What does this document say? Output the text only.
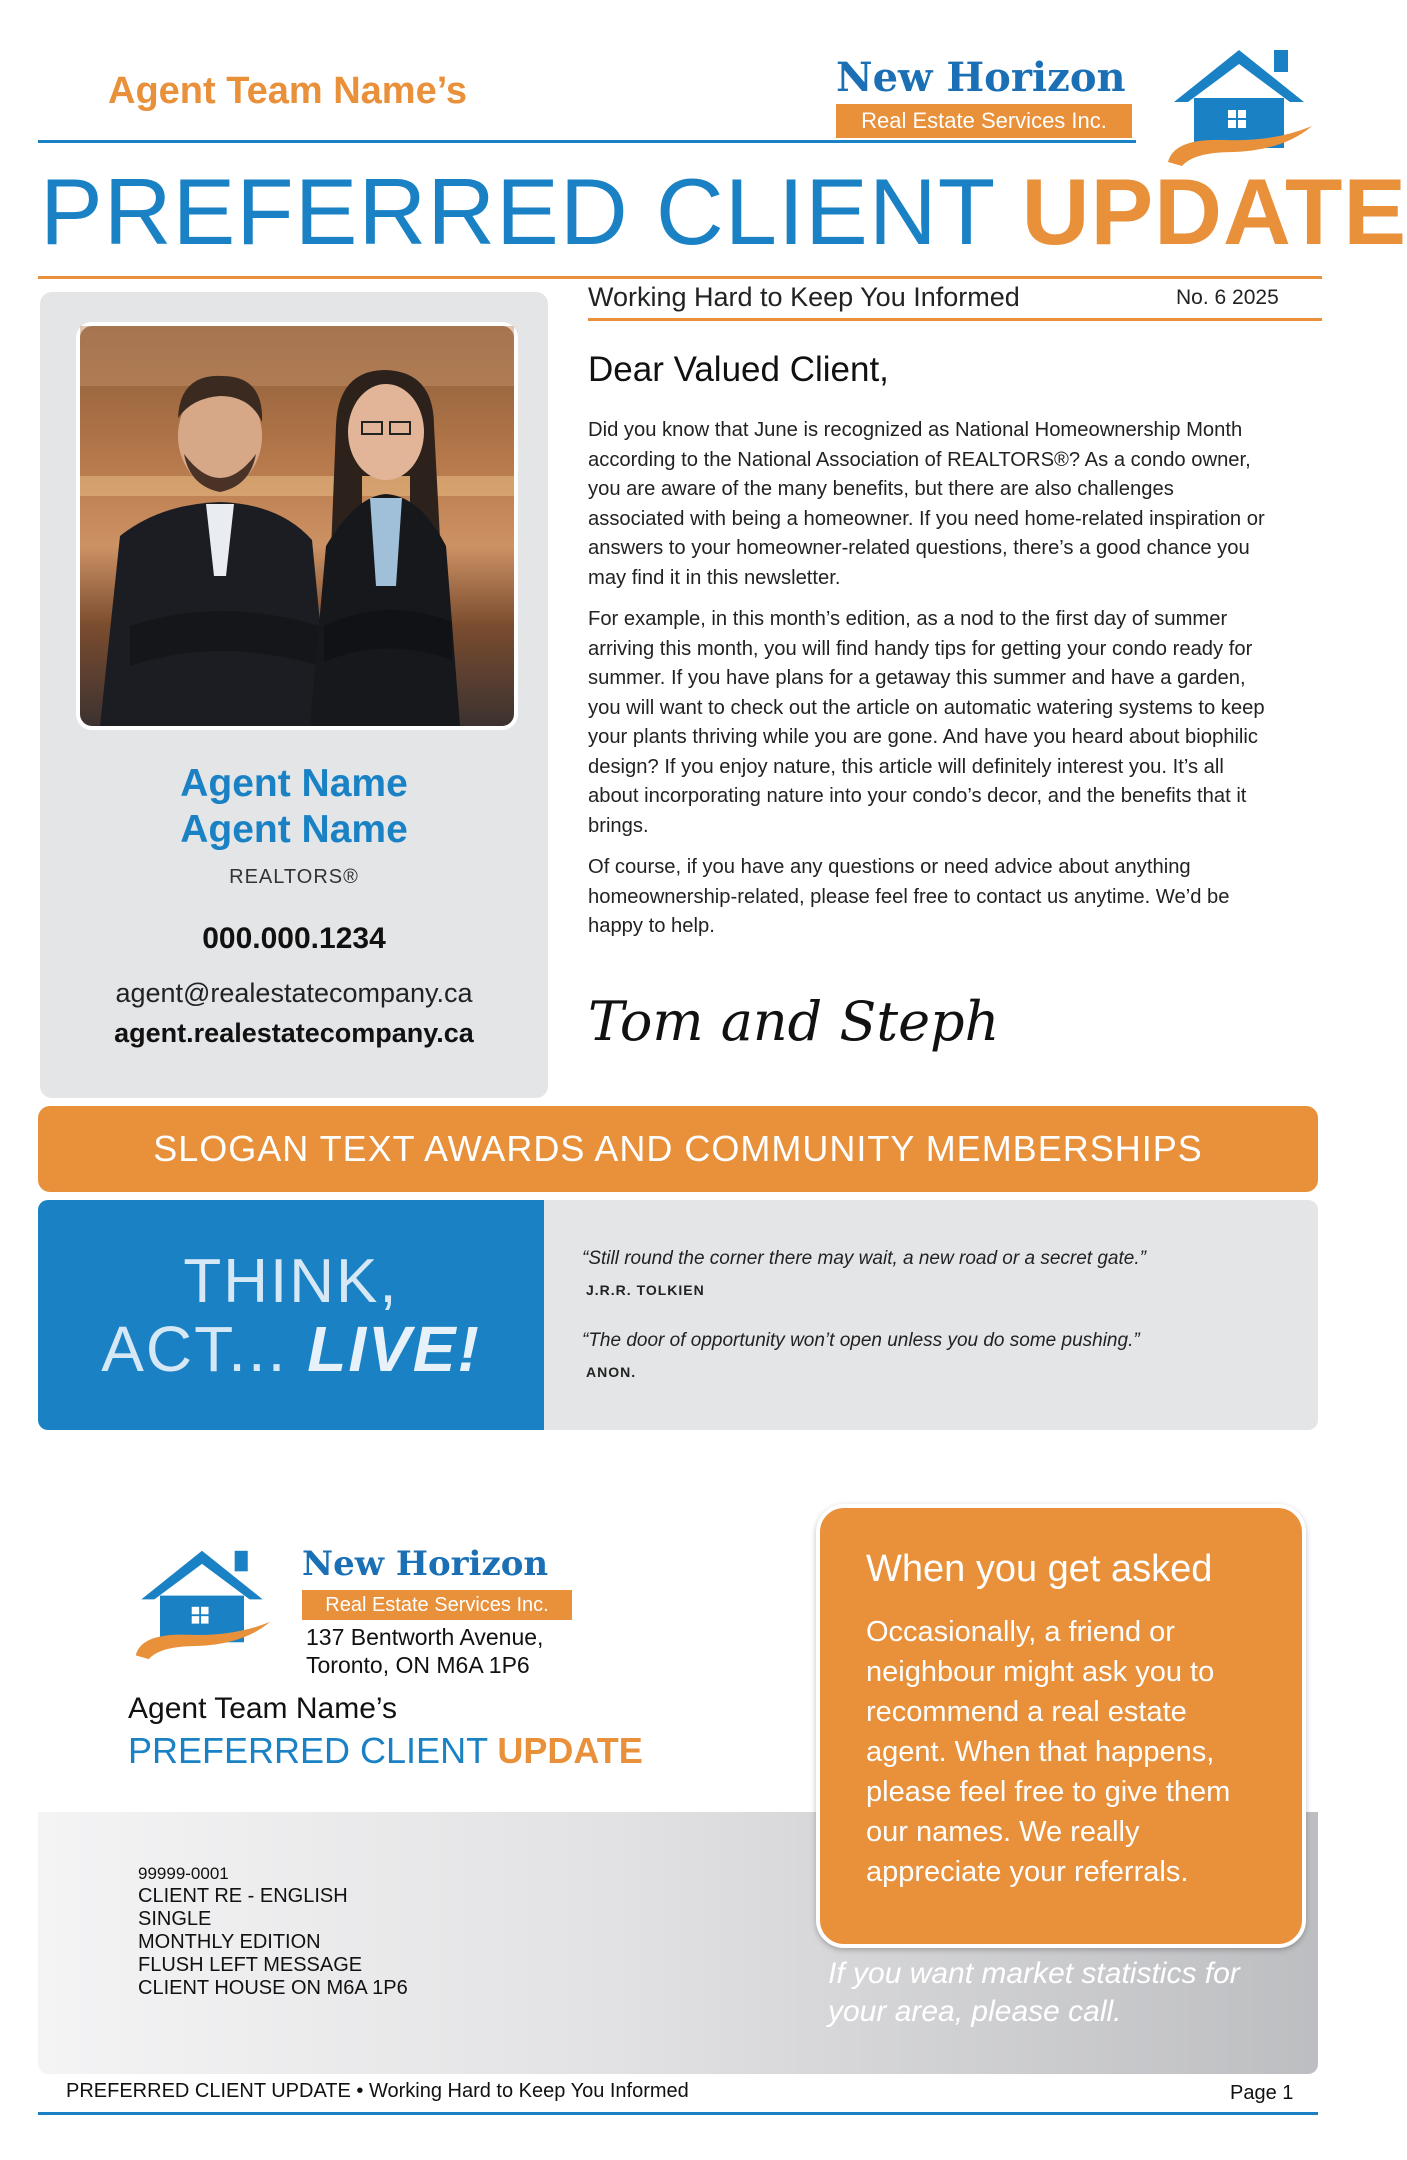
Agent Team Name’s	New Horizon
Real Estate Services Inc.
PREFERRED CLIENT UPDATE
Agent Name
Agent Name
REALTORS®
000.000.1234
agent@realestatecompany.ca
agent.realestatecompany.ca
Working Hard to Keep You Informed	No. 6 2025
Dear Valued Client,

Did you know that June is recognized as National Homeownership Month according to the National Association of REALTORS®? As a condo owner, you are aware of the many benefits, but there are also challenges associated with being a homeowner. If you need home-related inspiration or answers to your homeowner-related questions, there’s a good chance you may find it in this newsletter.

For example, in this month’s edition, as a nod to the first day of summer arriving this month, you will find handy tips for getting your condo ready for summer. If you have plans for a getaway this summer and have a garden, you will want to check out the article on automatic watering systems to keep your plants thriving while you are gone. And have you heard about biophilic design? If you enjoy nature, this article will definitely interest you. It’s all about incorporating nature into your condo’s decor, and the benefits that it brings.

Of course, if you have any questions or need advice about anything homeownership-related, please feel free to contact us anytime. We’d be happy to help.

Tom and Steph
SLOGAN TEXT AWARDS AND COMMUNITY MEMBERSHIPS
THINK,
ACT... LIVE!
“Still round the corner there may wait, a new road or a secret gate.”
J.R.R. TOLKIEN
“The door of opportunity won’t open unless you do some pushing.”
ANON.
New Horizon
Real Estate Services Inc.
137 Bentworth Avenue,
Toronto, ON M6A 1P6
Agent Team Name’s
PREFERRED CLIENT UPDATE
99999-0001
CLIENT RE - ENGLISH
SINGLE
MONTHLY EDITION
FLUSH LEFT MESSAGE
CLIENT HOUSE ON M6A 1P6
When you get asked
Occasionally, a friend or neighbour might ask you to recommend a real estate agent. When that happens, please feel free to give them our names. We really appreciate your referrals.
If you want market statistics for your area, please call.
PREFERRED CLIENT UPDATE • Working Hard to Keep You Informed	Page 1
